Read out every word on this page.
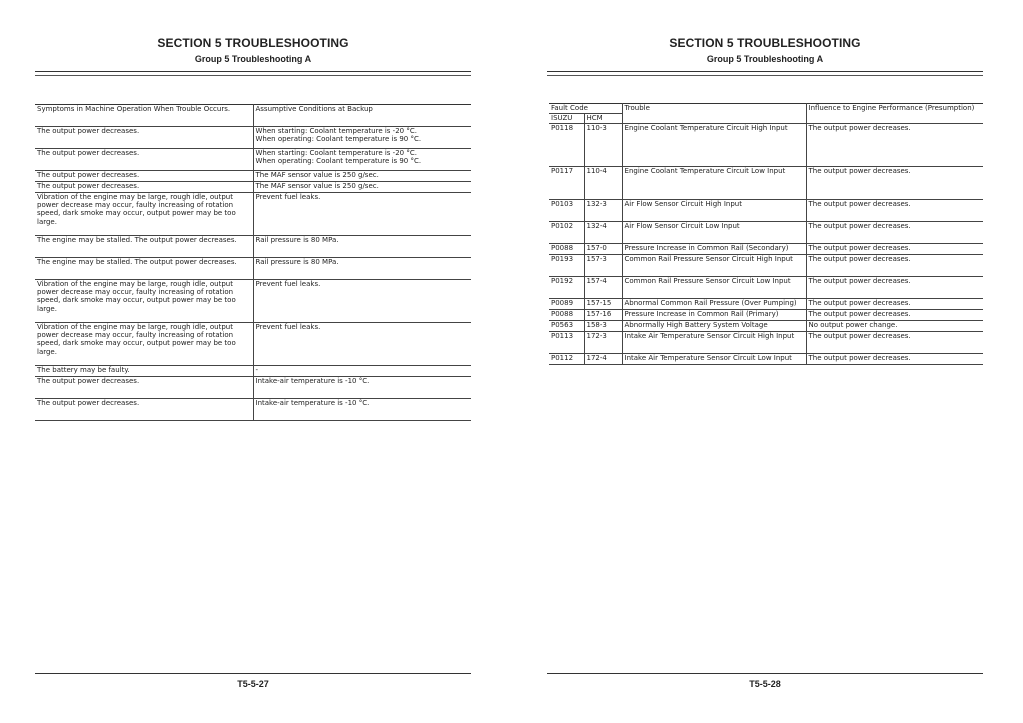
SECTION 5 TROUBLESHOOTING
Group 5 Troubleshooting A
Symptoms in Machine Operation When Trouble Occurs.	Assumptive Conditions at Backup
The output power decreases.	When starting: Coolant temperature is -20 °C.
When operating: Coolant temperature is 90 °C.

The output power decreases.	When starting: Coolant temperature is -20 °C.
When operating: Coolant temperature is 90 °C.

The output power decreases.	The MAF sensor value is 250 g/sec.
The output power decreases.	The MAF sensor value is 250 g/sec.
Vibration of the engine may be large, rough idle, output power decrease may occur, faulty increasing of rotation speed, dark smoke may occur, output power may be too large.	Prevent fuel leaks.
The engine may be stalled. The output power decreases.	Rail pressure is 80 MPa.
The engine may be stalled. The output power decreases.	Rail pressure is 80 MPa.
Vibration of the engine may be large, rough idle, output power decrease may occur, faulty increasing of rotation speed, dark smoke may occur, output power may be too large.	Prevent fuel leaks.
Vibration of the engine may be large, rough idle, output power decrease may occur, faulty increasing of rotation speed, dark smoke may occur, output power may be too large.	Prevent fuel leaks.
The battery may be faulty.	-
The output power decreases.	Intake-air temperature is -10 °C.
The output power decreases.	Intake-air temperature is -10 °C.
T5-5-27
SECTION 5 TROUBLESHOOTING
Group 5 Troubleshooting A
Fault Code		Trouble	Influence to Engine Performance (Presumption)
ISUZU	HCM		
P0118	110-3	Engine Coolant Temperature Circuit High Input	The output power decreases.
P0117	110-4	Engine Coolant Temperature Circuit Low Input	The output power decreases.
P0103	132-3	Air Flow Sensor Circuit High Input	The output power decreases.
P0102	132-4	Air Flow Sensor Circuit Low Input	The output power decreases.
P0088	157-0	Pressure Increase in Common Rail (Secondary)	The output power decreases.
P0193	157-3	Common Rail Pressure Sensor Circuit High Input	The output power decreases.
P0192	157-4	Common Rail Pressure Sensor Circuit Low Input	The output power decreases.
P0089	157-15	Abnormal Common Rail Pressure (Over Pumping)	The output power decreases.
P0088	157-16	Pressure Increase in Common Rail (Primary)	The output power decreases.
P0563	158-3	Abnormally High Battery System Voltage	No output power change.
P0113	172-3	Intake Air Temperature Sensor Circuit High Input	The output power decreases.
P0112	172-4	Intake Air Temperature Sensor Circuit Low Input	The output power decreases.
T5-5-28
